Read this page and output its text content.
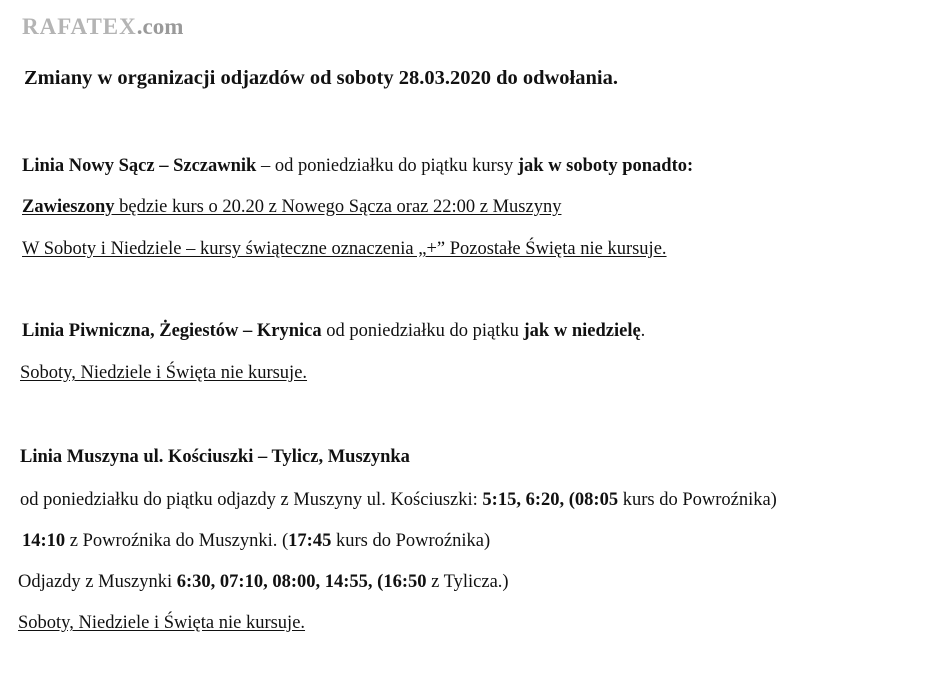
RAFATEX.com
Zmiany w organizacji odjazdów od soboty 28.03.2020 do odwołania.
Linia Nowy Sącz – Szczawnik – od poniedziałku do piątku kursy jak w soboty ponadto:
Zawieszony będzie kurs o 20.20 z Nowego Sącza oraz 22:00 z Muszyny
W Soboty i Niedziele – kursy świąteczne oznaczenia „+” Pozostałe Święta nie kursuje.
Linia Piwniczna, Żegiestów – Krynica od poniedziałku do piątku jak w niedzielę.
Soboty, Niedziele i Święta nie kursuje.
Linia Muszyna ul. Kościuszki – Tylicz, Muszynka
od poniedziałku do piątku odjazdy z Muszyny ul. Kościuszki: 5:15, 6:20, (08:05 kurs do Powroźnika)
14:10 z Powroźnika do Muszynki. (17:45 kurs do Powroźnika)
Odjazdy z Muszynki 6:30, 07:10, 08:00, 14:55, (16:50 z Tylicza.)
Soboty, Niedziele i Święta nie kursuje.
